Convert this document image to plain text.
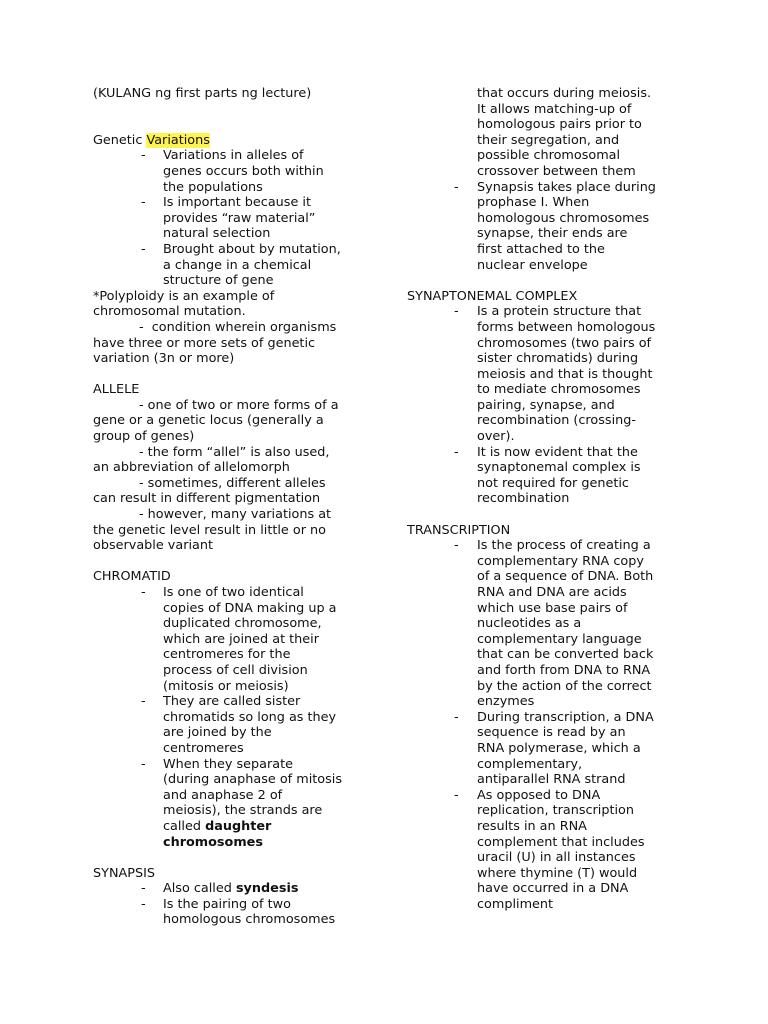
(KULANG ng first parts ng lecture)
Genetic Variations
- Variations in alleles of
genes occurs both within
the populations
- Is important because it
provides “raw material”
natural selection
- Brought about by mutation,
a change in a chemical
structure of gene
*Polyploidy is an example of
chromosomal mutation.
-  condition wherein organisms
have three or more sets of genetic
variation (3n or more)
ALLELE
- one of two or more forms of a
gene or a genetic locus (generally a
group of genes)
- the form “allel” is also used,
an abbreviation of allelomorph
- sometimes, different alleles
can result in different pigmentation
- however, many variations at
the genetic level result in little or no
observable variant
CHROMATID
- Is one of two identical
copies of DNA making up a
duplicated chromosome,
which are joined at their
centromeres for the
process of cell division
(mitosis or meiosis)
- They are called sister
chromatids so long as they
are joined by the
centromeres
- When they separate
(during anaphase of mitosis
and anaphase 2 of
meiosis), the strands are
called daughter
chromosomes
SYNAPSIS
- Also called syndesis
- Is the pairing of two
homologous chromosomes
that occurs during meiosis.
It allows matching-up of
homologous pairs prior to
their segregation, and
possible chromosomal
crossover between them
- Synapsis takes place during
prophase I. When
homologous chromosomes
synapse, their ends are
first attached to the
nuclear envelope
SYNAPTONEMAL COMPLEX
- Is a protein structure that
forms between homologous
chromosomes (two pairs of
sister chromatids) during
meiosis and that is thought
to mediate chromosomes
pairing, synapse, and
recombination (crossing-
over).
- It is now evident that the
synaptonemal complex is
not required for genetic
recombination
TRANSCRIPTION
- Is the process of creating a
complementary RNA copy
of a sequence of DNA. Both
RNA and DNA are acids
which use base pairs of
nucleotides as a
complementary language
that can be converted back
and forth from DNA to RNA
by the action of the correct
enzymes
- During transcription, a DNA
sequence is read by an
RNA polymerase, which a
complementary,
antiparallel RNA strand
- As opposed to DNA
replication, transcription
results in an RNA
complement that includes
uracil (U) in all instances
where thymine (T) would
have occurred in a DNA
compliment
